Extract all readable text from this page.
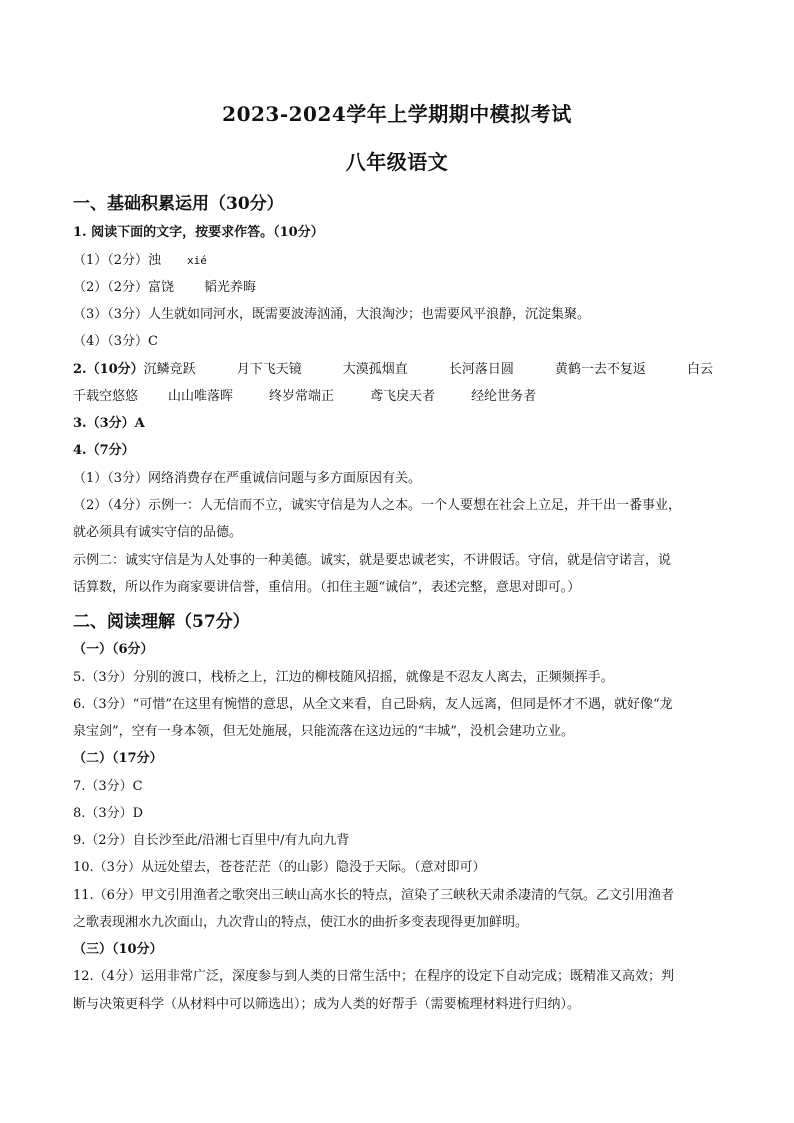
2023-2024学年上学期期中模拟考试
八年级语文
一、基础积累运用（30分）
1. 阅读下面的文字，按要求作答。（10分）
（1）（2分）浊 xié
（2）（2分）富饶 韬光养晦
（3）（3分）人生就如同河水，既需要波涛汹涌，大浪淘沙；也需要风平浪静，沉淀集聚。
（4）（3分）C
2.（10分）沉鳞竞跃	月下飞天镜	大漠孤烟直	长河落日圆	黄鹤一去不复返	白云
千载空悠悠 山山唯落晖	终岁常端正	鸢飞戾天者	经纶世务者
3.（3分）A
4.（7分）
（1）（3分）网络消费存在严重诚信问题与多方面原因有关。
（2）（4分）示例一：人无信而不立，诚实守信是为人之本。一个人要想在社会上立足，并干出一番事业，
就必须具有诚实守信的品德。
示例二：诚实守信是为人处事的一种美德。诚实，就是要忠诚老实，不讲假话。守信，就是信守诺言，说
话算数，所以作为商家要讲信誉，重信用。（扣住主题“诚信”，表述完整，意思对即可。）
二、阅读理解（57分）
（一）（6分）
5.（3分）分别的渡口，栈桥之上，江边的柳枝随风招摇，就像是不忍友人离去，正频频挥手。
6.（3分）“可惜”在这里有惋惜的意思，从全文来看，自己卧病，友人远离，但同是怀才不遇，就好像“龙
泉宝剑”，空有一身本领，但无处施展，只能流落在这边远的“丰城”，没机会建功立业。
（二）（17分）
7.（3分）C
8.（3分）D
9.（2分）自长沙至此/沿湘七百里中/有九向九背
10.（3分）从远处望去，苍苍茫茫（的山影）隐没于天际。（意对即可）
11.（6分）甲文引用渔者之歌突出三峡山高水长的特点，渲染了三峡秋天肃杀凄清的气氛。乙文引用渔者
之歌表现湘水九次面山，九次背山的特点，使江水的曲折多变表现得更加鲜明。
（三）（10分）
12.（4分）运用非常广泛，深度参与到人类的日常生活中；在程序的设定下自动完成；既精准又高效；判
断与决策更科学（从材料中可以筛选出）；成为人类的好帮手（需要梳理材料进行归纳）。
